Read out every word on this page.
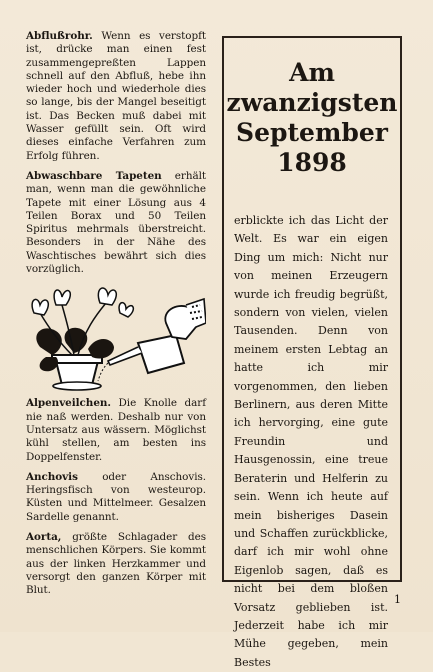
Abflußrohr. Wenn es verstopft ist, drücke man einen fest zusammengepreßten Lappen schnell auf den Abfluß, hebe ihn wieder hoch und wiederhole dies so lange, bis der Mangel beseitigt ist. Das Becken muß dabei mit Wasser gefüllt sein. Oft wird dieses einfache Verfahren zum Erfolg führen.

Abwaschbare Tapeten erhält man, wenn man die gewöhnliche Tapete mit einer Lösung aus 4 Teilen Borax und 50 Teilen Spiritus mehrmals überstreicht. Besonders in der Nähe des Waschtisches bewährt sich dies vorzüglich.

Alpenveilchen. Die Knolle darf nie naß werden. Deshalb nur von Untersatz aus wässern. Möglichst kühl stellen, am besten ins Doppelfenster.

Anchovis oder Anschovis. Heringsfisch von westeurop. Küsten und Mittelmeer. Gesalzen Sardelle genannt.

Aorta, größte Schlagader des menschlichen Körpers. Sie kommt aus der linken Herzkammer und versorgt den ganzen Körper mit Blut.

Am

zwanzigsten

September

1898

erblickte ich das Licht der Welt. Es war ein eigen Ding um mich: Nicht nur von meinen Erzeugern wurde ich freudig begrüßt, sondern von vielen, vielen Tausenden. Denn von meinem ersten Lebtag an hatte ich mir vorgenommen, den lieben Berlinern, aus deren Mitte ich hervorging, eine gute Freundin und Hausgenossin, eine treue Beraterin und Helferin zu sein. Wenn ich heute auf mein bisheriges Dasein und Schaffen zurückblicke, darf ich mir wohl ohne Eigenlob sagen, daß es nicht bei dem bloßen Vorsatz geblieben ist. Jederzeit habe ich mir Mühe gegeben, mein Bestes
1
